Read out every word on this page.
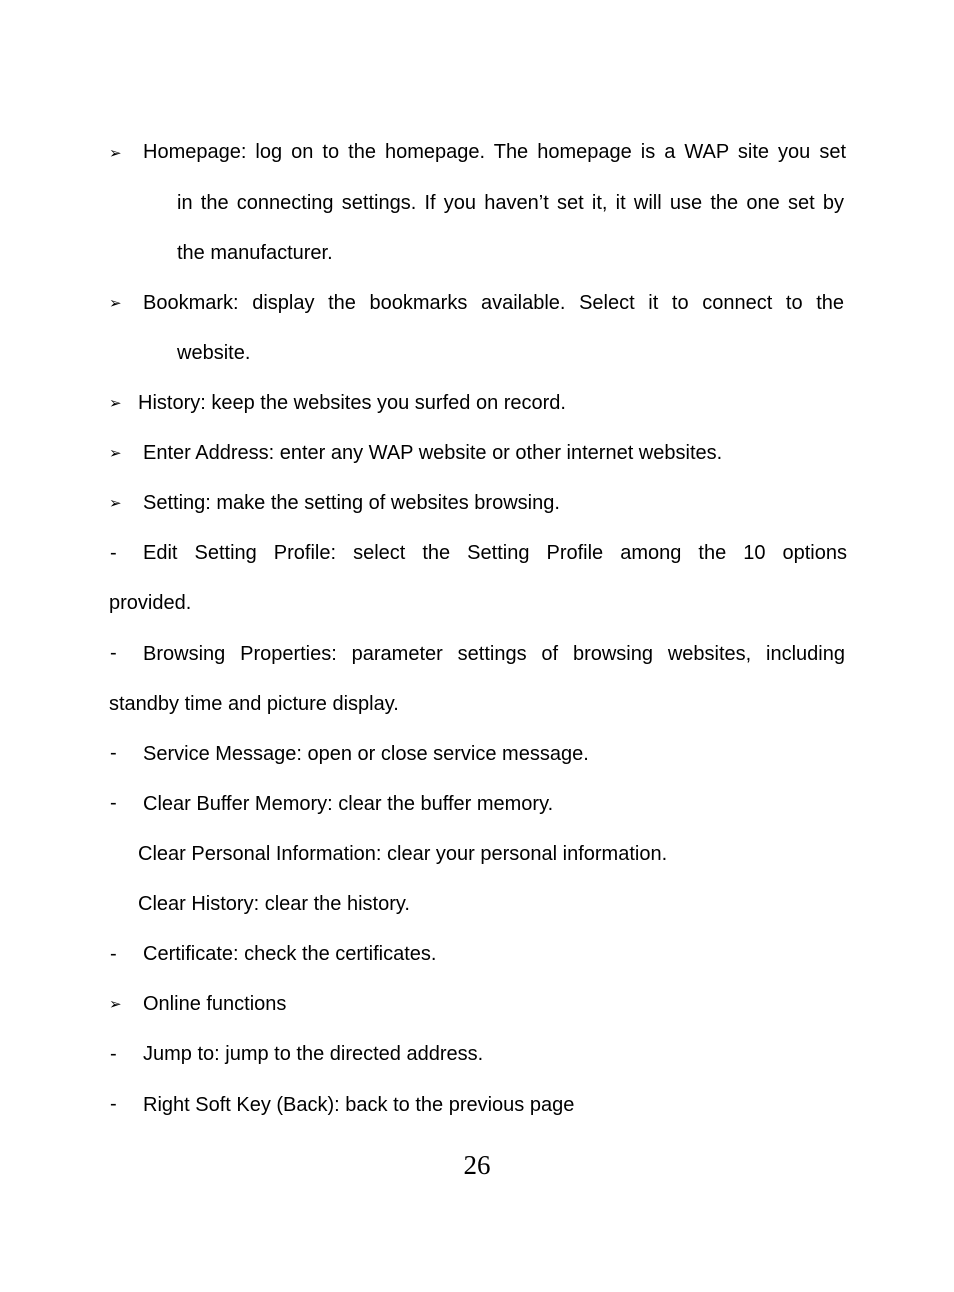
➢ Homepage: log on to the homepage. The homepage is a WAP site you set
in the connecting settings. If you haven’t set it, it will use the one set by
the manufacturer.
➢ Bookmark: display the bookmarks available. Select it to connect to the
website.
➢ History: keep the websites you surfed on record.
➢ Enter Address: enter any WAP website or other internet websites.
➢ Setting: make the setting of websites browsing.
- Edit Setting Profile: select the Setting Profile among the 10 options
provided.
- Browsing Properties: parameter settings of browsing websites, including
standby time and picture display.
- Service Message: open or close service message.
- Clear Buffer Memory: clear the buffer memory.
Clear Personal Information: clear your personal information.
Clear History: clear the history.
- Certificate: check the certificates.
➢ Online functions
- Jump to: jump to the directed address.
- Right Soft Key (Back): back to the previous page
26
